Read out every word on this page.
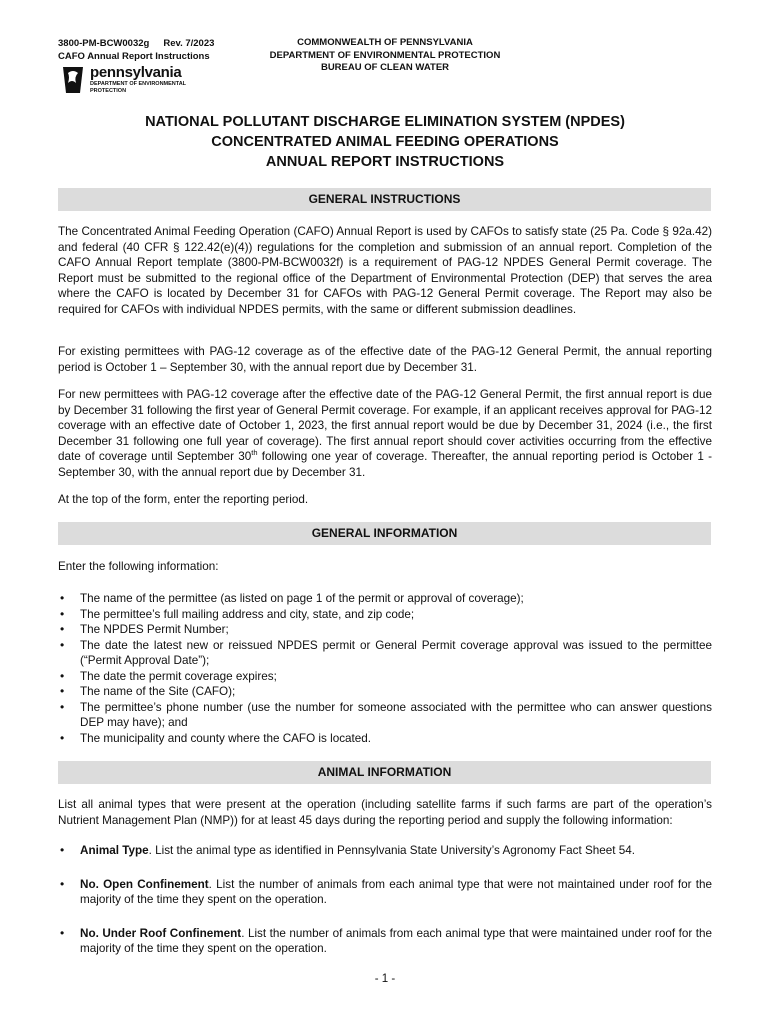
3800-PM-BCW0032g Rev. 7/2023
CAFO Annual Report Instructions
COMMONWEALTH OF PENNSYLVANIA
DEPARTMENT OF ENVIRONMENTAL PROTECTION
BUREAU OF CLEAN WATER
pennsylvania
DEPARTMENT OF ENVIRONMENTAL
PROTECTION
NATIONAL POLLUTANT DISCHARGE ELIMINATION SYSTEM (NPDES)
CONCENTRATED ANIMAL FEEDING OPERATIONS
ANNUAL REPORT INSTRUCTIONS
GENERAL INSTRUCTIONS
The Concentrated Animal Feeding Operation (CAFO) Annual Report is used by CAFOs to satisfy state (25 Pa. Code § 92a.42) and federal (40 CFR § 122.42(e)(4)) regulations for the completion and submission of an annual report. Completion of the CAFO Annual Report template (3800-PM-BCW0032f) is a requirement of PAG-12 NPDES General Permit coverage. The Report must be submitted to the regional office of the Department of Environmental Protection (DEP) that serves the area where the CAFO is located by December 31 for CAFOs with PAG-12 General Permit coverage. The Report may also be required for CAFOs with individual NPDES permits, with the same or different submission deadlines.
For existing permittees with PAG-12 coverage as of the effective date of the PAG-12 General Permit, the annual reporting period is October 1 – September 30, with the annual report due by December 31.
For new permittees with PAG-12 coverage after the effective date of the PAG-12 General Permit, the first annual report is due by December 31 following the first year of General Permit coverage. For example, if an applicant receives approval for PAG-12 coverage with an effective date of October 1, 2023, the first annual report would be due by December 31, 2024 (i.e., the first December 31 following one full year of coverage). The first annual report should cover activities occurring from the effective date of coverage until September 30th following one year of coverage. Thereafter, the annual reporting period is October 1 - September 30, with the annual report due by December 31.
At the top of the form, enter the reporting period.
GENERAL INFORMATION
Enter the following information:
• The name of the permittee (as listed on page 1 of the permit or approval of coverage);
• The permittee’s full mailing address and city, state, and zip code;
• The NPDES Permit Number;
• The date the latest new or reissued NPDES permit or General Permit coverage approval was issued to the permittee (“Permit Approval Date”);
• The date the permit coverage expires;
• The name of the Site (CAFO);
• The permittee’s phone number (use the number for someone associated with the permittee who can answer questions DEP may have); and
• The municipality and county where the CAFO is located.
ANIMAL INFORMATION
List all animal types that were present at the operation (including satellite farms if such farms are part of the operation’s Nutrient Management Plan (NMP)) for at least 45 days during the reporting period and supply the following information:
• Animal Type. List the animal type as identified in Pennsylvania State University’s Agronomy Fact Sheet 54.
• No. Open Confinement. List the number of animals from each animal type that were not maintained under roof for the majority of the time they spent on the operation.
• No. Under Roof Confinement. List the number of animals from each animal type that were maintained under roof for the majority of the time they spent on the operation.
- 1 -
